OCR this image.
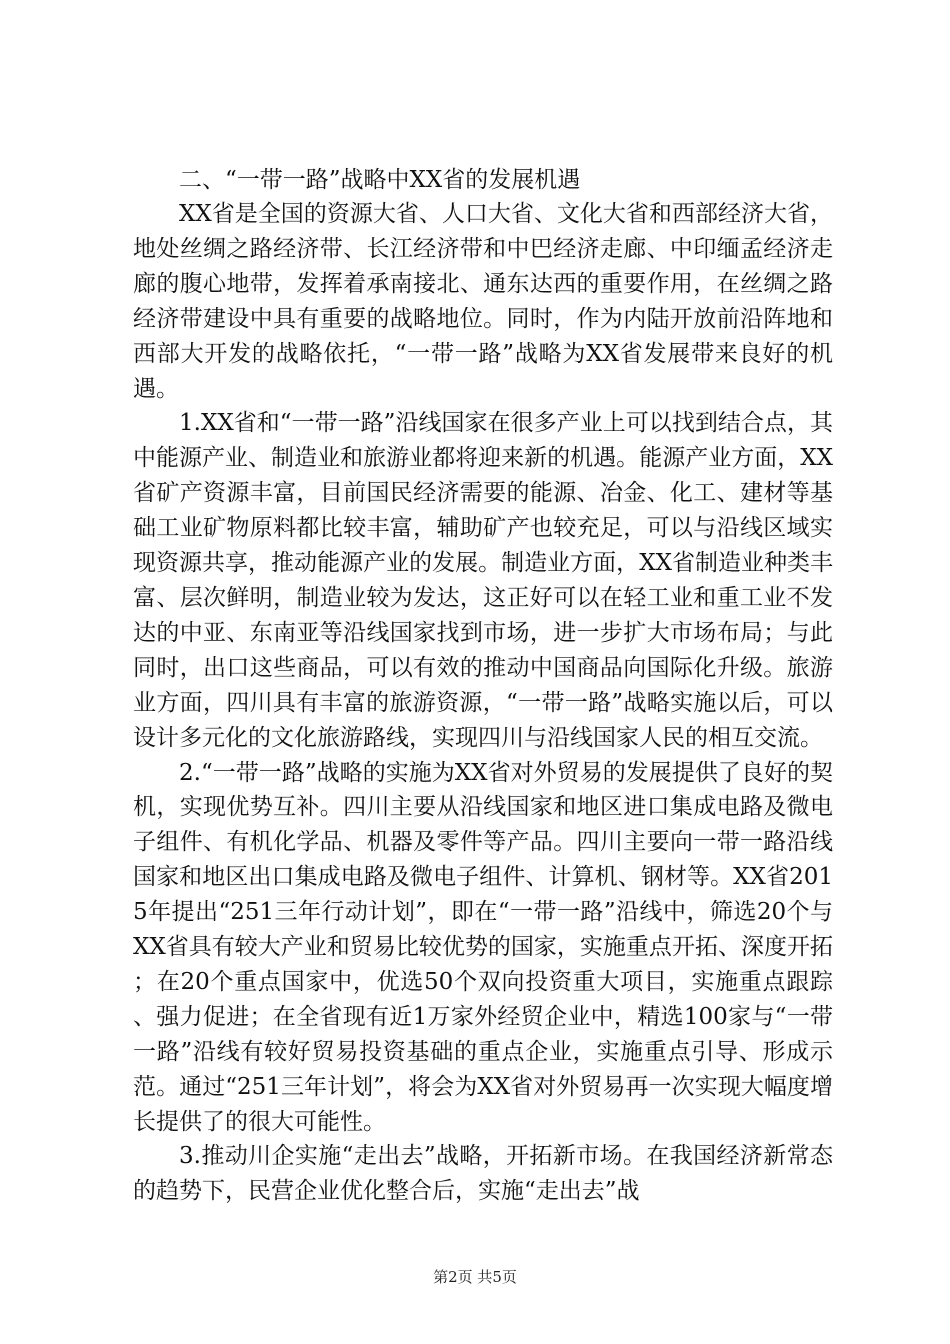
二、“一带一路”战略中XX省的发展机遇

XX省是全国的资源大省、人口大省、文化大省和西部经济大省，地处丝绸之路经济带、长江经济带和中巴经济走廊、中印缅孟经济走廊的腹心地带，发挥着承南接北、通东达西的重要作用，在丝绸之路经济带建设中具有重要的战略地位。同时，作为内陆开放前沿阵地和西部大开发的战略依托，“一带一路”战略为XX省发展带来良好的机遇。

1.XX省和“一带一路”沿线国家在很多产业上可以找到结合点，其中能源产业、制造业和旅游业都将迎来新的机遇。能源产业方面，XX省矿产资源丰富，目前国民经济需要的能源、冶金、化工、建材等基础工业矿物原料都比较丰富，辅助矿产也较充足，可以与沿线区域实现资源共享，推动能源产业的发展。制造业方面，XX省制造业种类丰富、层次鲜明，制造业较为发达，这正好可以在轻工业和重工业不发达的中亚、东南亚等沿线国家找到市场，进一步扩大市场布局；与此同时，出口这些商品，可以有效的推动中国商品向国际化升级。旅游业方面，四川具有丰富的旅游资源，“一带一路”战略实施以后，可以设计多元化的文化旅游路线，实现四川与沿线国家人民的相互交流。

2.“一带一路”战略的实施为XX省对外贸易的发展提供了良好的契机，实现优势互补。四川主要从沿线国家和地区进口集成电路及微电子组件、有机化学品、机器及零件等产品。四川主要向一带一路沿线国家和地区出口集成电路及微电子组件、计算机、钢材等。XX省2015年提出“251三年行动计划”，即在“一带一路”沿线中，筛选20个与XX省具有较大产业和贸易比较优势的国家，实施重点开拓、深度开拓；在20个重点国家中，优选50个双向投资重大项目，实施重点跟踪、强力促进；在全省现有近1万家外经贸企业中，精选100家与“一带一路”沿线有较好贸易投资基础的重点企业，实施重点引导、形成示范。通过“251三年计划”，将会为XX省对外贸易再一次实现大幅度增长提供了的很大可能性。

3.推动川企实施“走出去”战略，开拓新市场。在我国经济新常态的趋势下，民营企业优化整合后，实施“走出去”战

第2页 共5页
